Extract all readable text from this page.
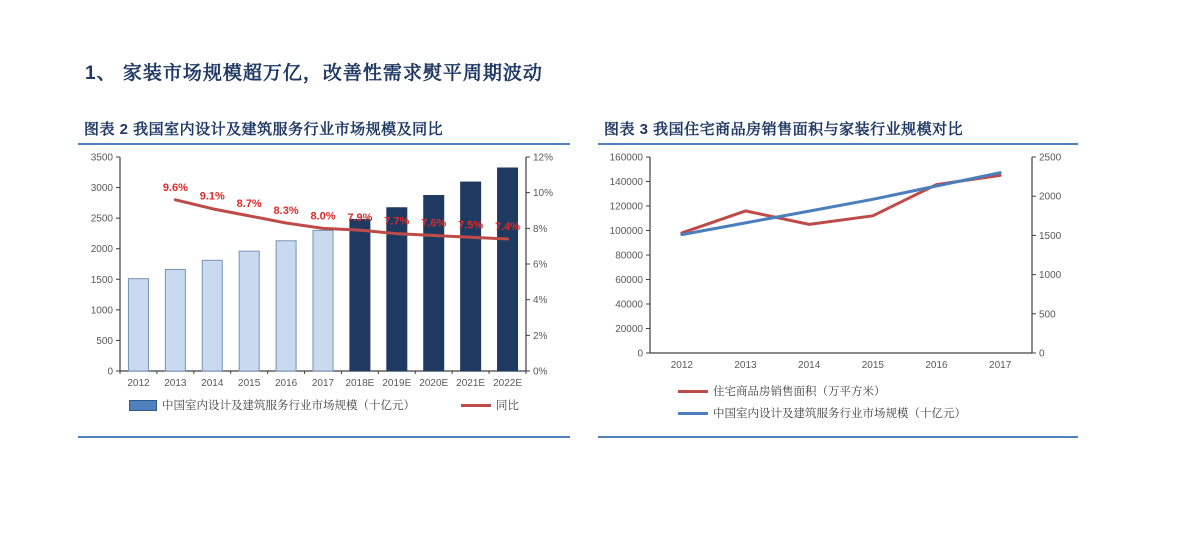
1、 家装市场规模超万亿，改善性需求熨平周期波动
图表 2 我国室内设计及建筑服务行业市场规模及同比
0
500
1000
1500
2000
2500
3000
3500
0%
2%
4%
6%
8%
10%
12%
2012 2013 2014 2015 2016 2017 2018E 2019E 2020E 2021E 2022E
9.6%
9.1%
8.7%
8.3% 8.0% 7.9% 7.7% 7.6% 7.5% 7.4%
中国室内设计及建筑服务行业市场规模（十亿元）	同比
图表 3 我国住宅商品房销售面积与家装行业规模对比
0
20000
40000
60000
80000
100000
120000
140000
160000
0
500
1000
1500
2000
2500
2012	2013	2014	2015	2016	2017
住宅商品房销售面积（万平方米）
中国室内设计及建筑服务行业市场规模（十亿元）
